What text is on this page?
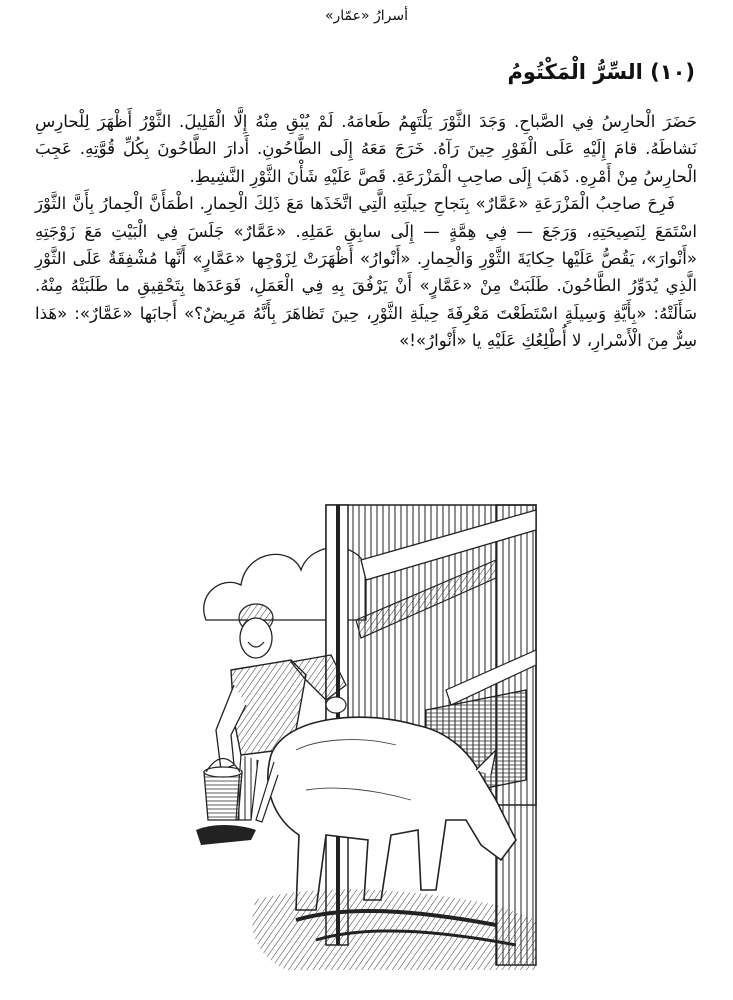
أسرارُ «عمّار»
(١٠) السِّرُّ الْمَكْتُومُ

حَضَرَ الْحارِسُ فِي الصَّباحِ. وَجَدَ الثَّوْرَ يَلْتَهِمُ طَعامَهُ. لَمْ يُبْقِ مِنْهُ إِلَّا الْقَلِيلَ. الثَّوْرُ أَظْهَرَ لِلْحارِسِ نَشاطَهُ. قامَ إِلَيْهِ عَلَى الْفَوْرِ حِينَ رَآهُ. خَرَجَ مَعَهُ إِلَى الطَّاحُونِ. أَدارَ الطَّاحُونَ بِكُلِّ قُوَّتِهِ. عَجِبَ الْحارِسُ مِنْ أَمْرِهِ. ذَهَبَ إِلَى صاحِبِ الْمَزْرَعَةِ. قَصَّ عَلَيْهِ شَأْنَ الثَّوْرِ النَّشِيطِ.

فَرِحَ صاحِبُ الْمَزْرَعَةِ «عَمَّارٌ» بِنَجاحِ حِيلَتِهِ الَّتِي اتَّخَذَها مَعَ ذَلِكَ الْحِمارِ. اطْمَأَنَّ الْحِمارُ بِأَنَّ الثَّوْرَ اسْتَمَعَ لِنَصِيحَتِهِ، وَرَجَعَ — فِي هِمَّةٍ — إِلَى سابِقِ عَمَلِهِ. «عَمَّارٌ» جَلَسَ فِي الْبَيْتِ مَعَ زَوْجَتِهِ «أَنْوارَ»، يَقُصُّ عَلَيْها حِكايَةَ الثَّوْرِ وَالْحِمارِ. «أَنْوارُ» أَظْهَرَتْ لِزَوْجِها «عَمَّارٍ» أَنَّها مُشْفِقَةٌ عَلَى الثَّوْرِ الَّذِي يُدَوِّرُ الطَّاحُونَ. طَلَبَتْ مِنْ «عَمَّارٍ» أَنْ يَرْفُقَ بِهِ فِي الْعَمَلِ، فَوَعَدَها بِتَحْقِيقِ ما طَلَبَتْهُ مِنْهُ. سَأَلَتْهُ: «بِأَيَّةِ وَسِيلَةٍ اسْتَطَعْتَ مَعْرِفَةَ حِيلَةِ الثَّوْرِ، حِينَ تَظاهَرَ بِأَنَّهُ مَرِيضٌ؟» أَجابَها «عَمَّارٌ»: «هَذا سِرٌّ مِنَ الْأَسْرارِ، لا أُطْلِعُكِ عَلَيْهِ يا «أَنْوارُ»!»
